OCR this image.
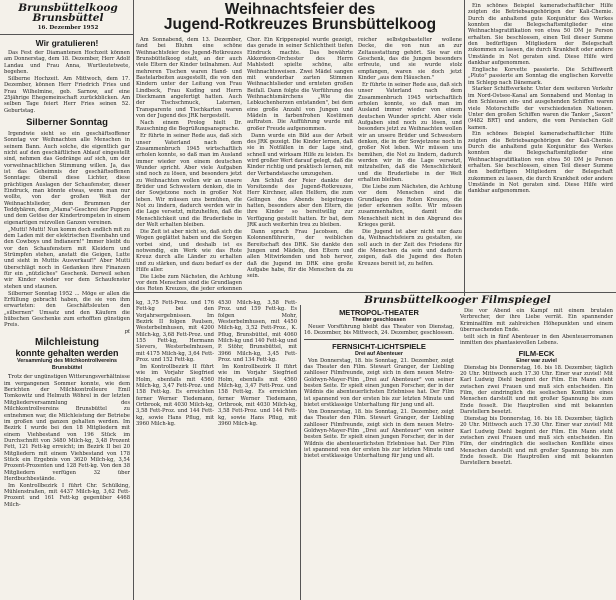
Brunsbüttelkoog
Brunsbüttel
16. Dezember 1952
Wir gratulieren!

Das Fest der Diamantenen Hochzeit können am Donnerstag, dem 18. Dezember, Herr Adolf Landau und Frau Anna, Wurtleutetwete, begehen.

Silberne Hochzeit. Am Mittwoch, dem 17. Dezember, können Herr Friedrich Fries und Frau Wilhelmine, geb. Sarnow, auf eine 25jährige Ehegemeinschaft zurückblicken. Am selben Tage feiert Herr Fries seinen 52. Geburtstag.

Silberner Sonntag

Irgendwie sieht so ein geschäftsoffener Sonntag vor Weihnachten alle Menschen in seinem Bann. Auch solche, die eigentlich gar nicht auf den geschäftlichen Ablauf eingestellt sind, nehmen das Gedränge auf sich, um der vorweihnachtlichen Stimmung willen. Ja, das ist das Geheimnis der geschäftsoffenen Sonntage: überall diese Lichter, diese prächtigen Auslagen der Schaufenster, dieser Eindruck, man könnte etwas, wenn man nur wollte, von der großen Welt der Weihnachtslieder, dem Brummen der Teddybären, dem „Mama"-Geschrei der Puppen und dem Getöse der Kindertrompeten in einem eigenartigen reizvollen Ganzen vereinen.

„Mutti! Mutti! Nun komm doch endlich mit zu dem Laden mit der elektrischen Eisenbahn und den Cowboys und Indianern!" Immer bleibt du vor den Schaufenstern mit Kleidern und Strümpfen stehen, anstatt die Geigen, Lutte und sieht in Muttis Ausverkauf!" Aber Mutti überschlägt noch in Gedanken ihre Finanzen für ein „nützliches" Geschenk. Derweil sehen wir Kinder wieder vor dem Schaufenster stehen und staunen.

Silberner Sonntag 1952 ... Möge er allen die Erfüllung gebracht haben, die sie von ihm erwarteten: den Geschäftsleuten den „silbernen" Umsatz und den Käufern die hübschen Geschenke zum erhofften günstigen Preis.

pt
Milchleistung
konnte gehalten werden
Versammlung des Milchkontrollvereins Brunsbüttel

Trotz der ungünstigen Witterungsverhältnisse im vergangenen Sommer konnte, wie dem Berichten der Milchkontrolleure Emil Tomkowitz und Helmuth Wöhrel in der letzten Mitgliederversammlung des Milchkontrollvereins Brunsbüttel zu entnehmen war, die Milchleistung der Betriebe im großen und ganzen gehalten werden. Im Bezirk I wurde bei den 18 Mitgliedern mit einem Viehbestand von 196 Stück im Durchschnitt von 3480 Milch-kg, 3,48 Prozent Fett, 121 Fett-kg erreicht; im Bezirk II bei 20 Mitgliedern mit einem Viehbestand von 178 Stück ein Ergebnis von 3620 Milch-kg, 3,54 Prozent-Prozenten und 128 Fett-kg. Von den 38 Mitgliedern verfügen 32 über Herdbuchbestände.

Im Kontrollbezirk I führt Chr. Schülking, Mühlenstraßen, mit 4437 Milch-kg, 3,62 Fett-Prozent und 161 Fett-kg gegenüber 4468 Milch-

Weihnachtsfeier des
Jugend-Rotkreuzes Brunsbüttelkoog

Am Sonnabend, dem 13. Dezember, fand bei Bluhm eine schöne Weihnachtsfeier des Jugend-Rotkreuzes Brunsbüttelkoog statt, an der auch viele Eltern der Kinder teilnahmen. Auf mehreren Tischen waren Hand- und Bastelarbeiten ausgestellt, die von den Kindern unter der Leitung von Frau Lindbeck, Frau Kuding und Herrn Dieckmann angefertigt hatten. Auch der Tischschmuck, Laternen, Transparente und Tischkarten waren von der Jugend des JRK hergestellt.

Nach einem Prolog hielt Dr. Rauschning die Begrüßungsansprache.

Er führte in seiner Rede aus, daß sich unser Vaterland nach dem Zusammenbruch 1945 wirtschaftlich erholen konnte, so daß man im Ausland immer wieder von einem deutschen Wunder spricht. Aber viele Aufgaben sind noch zu lösen, und besonders jetzt zu Weihnachten wollen wir an unsere Brüder und Schwestern denken, die in der Sowjetzone noch in großer Not leben. Wir müssen uns bemühen, die Not zu lindern, dadurch werden wir in die Lage versetzt, mitzuhelfen, daß die Menschlichkeit und die Bruderliebe in der Welt erhalten bleiben.

Die Zeit ist aber nicht so, daß sich die Wogen geglättet haben und die Sorgen vorbei sind, und deshalb ist es notwendig, ein Werk wie das Rote Kreuz durch alle Länder zu erhalten und zu stärken, und dazu bedarf es der Hilfe aller.

Die Liebe zum Nächsten, die Achtung vor dem Menschen sind die Grundlagen des Roten Kreuzes, die jeder erkennen

Chor. Ein Krippenspiel wurde gezeigt, das gerade in seiner Schlichtheit tiefen Eindruck machte. Das bewährte Akkordeon-Orchester des Herrn Mahlstedt spielte schöne, alte Weihnachtsweisen. Zwei Mädel sangen mit wunderbar zarten Stimmen Weihnachtslieder und ernteten großen Beifall. Dann folgte die Vorführung des Weihnachtsmärchens „Wie die Lebkuchenherzen entstanden", bei dem eine große Anzahl von Jungen und Mädeln in farbenfrohen Kostümen auftraten. Die Aufführung wurde mit großer Freude aufgenommen.

Dann wurde ein Bild aus der Arbeit des JRK gezeigt. Die Kinder lernen, daß sie in Notfällen in der Lage sind, schnell und wirksam Hilfe zu leisten. Es wird großer Wert darauf gelegt, daß die Kinder richtig und praktisch lernen, mit der Verbandstasche umzugehen.

Am Schluß der Feier dankte der Vorsitzende des Jugend-Rotkreuzes, Herr Kirchner, allen Helfern, die zum Gelingen des Abends beigetragen hatten, besonders aber den Eltern, die ihre Kinder so bereitwillig zur Verfügung gestellt hatten. Er bat, dem JRK auch weiterhin treu zu bleiben.

Dann sprach Frau Jacobsen, die Kolonnenführerin, der weiblichen Bereitschaft des DRK. Sie dankte den Jungen und Mädeln, den Eltern und allen Mitwirkenden und hob hervor, daß die Jugend im DRK eine große Aufgabe habe, für die Menschen da zu sein.

reicher selbstgebastelter wollene Decke, die von nun an zur Zeltausstattung gehört. Sie war ein Geschenk, das die Jungen besonders erfreute, und sie wurde stolz empfangen, waren sie doch jetzt Kinder „aus dem Häuschen."

Er führte in seiner Rede aus, daß sich unser Vaterland nach dem Zusammenbruch 1945 wirtschaftlich erholen konnte, so daß man im Ausland immer wieder von einem deutschen Wunder spricht. Aber viele Aufgaben sind noch zu lösen, und besonders jetzt zu Weihnachten wollen wir an unsere Brüder und Schwestern denken, die in der Sowjetzone noch in großer Not leben. Wir müssen uns bemühen, die Not zu lindern, dadurch werden wir in die Lage versetzt, mitzuhelfen, daß die Menschlichkeit und die Bruderliebe in der Welt erhalten bleiben.

Die Liebe zum Nächsten, die Achtung vor dem Menschen sind die Grundlagen des Roten Kreuzes, die jeder erkennen sollte. Wir müssen zusammenhalten, damit die Menschheit nicht in den Abgrund des Krieges gerät.

Die Jugend ist aber nicht nur dazu da, Weihnachtsfeiern zu gestalten, sie soll auch in der Zeit des Friedens für die Menschen da sein und dadurch zeigen, daß die Jugend des Roten Kreuzes bereit ist, zu helfen.

Ein schönes Beispiel kameradschaftlicher Hilfe zeigten die Betriebsangehörigen der Kali-Chemie. Durch die anhaltend gute Konjunktur des Werkes konnten die Belegschaftsmitglieder eine Weihnachtsgratifikation von etwa 50 DM je Person erhalten. Sie beschlossen, einen Teil dieser Summe den bedürftigen Mitgliedern der Belegschaft zukommen zu lassen, die durch Krankheit oder andere Umstände in Not geraten sind. Diese Hilfe wird dankbar aufgenommen.

Englische Korvette passierte. Die Schiffswerft „Pluto" passierte am Sonntag die englischen Korvette im Schlepp nach Dänemark.

Starker Schiffsverkehr. Unter dem weiteren Verkehr im Nord-Ostsee-Kanal am Sonnabend und Montag in den Schleusen ein- und ausgehenden Schiffen waren viele Motorschiffe der verschiedensten Nationen. Unter den großen Schiffen waren die Tanker „Saxon" (9482 BRT) und andere, die vom Persischen Golf kamen.

Ein schönes Beispiel kameradschaftlicher Hilfe zeigten die Betriebsangehörigen der Kali-Chemie. Durch die anhaltend gute Konjunktur des Werkes konnten die Belegschaftsmitglieder eine Weihnachtsgratifikation von etwa 50 DM je Person erhalten. Sie beschlossen, einen Teil dieser Summe den bedürftigen Mitgliedern der Belegschaft zukommen zu lassen, die durch Krankheit oder andere Umstände in Not geraten sind. Diese Hilfe wird dankbar aufgenommen.

kg, 3,75 Fett-Proz. und 176 Fett-kg bei den Vorjahrsergebnissen. Im Bezirk II folgen Paulsen, Westerbelmhusen, mit 4200 Milch-kg, 3,68 Fett-Proz. und 155 Fett-kg, Hermann Sievers, Westerbelmhusen, mit 4175 Milch-kg, 3,64 Fett-Proz. und 152 Fett-kg.

Im Kontrollbezirk II führt wie im Vorjahr Siegfried Holm, ebenfalls mit 4560 Milch-kg, 3,47 Fett-Proz. und 158 Fett-kg. Es erreichten ferner Werner Tiedemann, Ortbrook, mit 4030 Milch-kg, 3,58 Fett-Proz. und 144 Fett-kg, sowie Hans Pflug, mit 3960 Milch-kg.

4530 Milch-kg, 3,58 Fett-Proz. und 159 Fett-kg. Es folgen Mohr, Westerbelmhusen, mit 4450 Milch-kg, 3,52 Fett-Proz., K. Pflug, Brunsbüttel, mit 4060 Milch-kg und 140 Fett-kg und P. Stöhr, Brunsbüttel, mit 3966 Milch-kg, 3,45 Fett-Proz. und 134 Fett-kg.

Im Kontrollbezirk II führt wie im Vorjahr Siegfried Holm, ebenfalls mit 4560 Milch-kg, 3,47 Fett-Proz. und 158 Fett-kg. Es erreichten ferner Werner Tiedemann, Ortbrook, mit 4030 Milch-kg, 3,58 Fett-Proz. und 144 Fett-kg, sowie Hans Pflug, mit 3960 Milch-kg.

Brunsbüttelkooger Filmspiegel
METROPOL-THEATER
Theater geschlossen

Neuer Vorsführung bleibt das Theater von Dienstag, 16. Dezember, bis Mittwoch, 24. Dezember, geschlossen.

FERNSICHT-LICHTSPIELE
Drei auf Abenteuer

Von Donnerstag, 18. bis Sonntag, 21. Dezember, zeigt das Theater den Film. Stewart Granger, der Liebling zahlloser Filmfreunde, zeigt sich in dem neuen Metro-Goldwyn-Mayer-Film „Drei auf Abenteuer" von seiner besten Seite. Er spielt einen jungen Forscher, der in der Wildnis die abenteuerlichsten Erlebnisse hat. Der Film ist spannend von der ersten bis zur letzten Minute und bietet erstklassige Unterhaltung für jung und alt.

Von Donnerstag, 18. bis Sonntag, 21. Dezember, zeigt das Theater den Film. Stewart Granger, der Liebling zahlloser Filmfreunde, zeigt sich in dem neuen Metro-Goldwyn-Mayer-Film „Drei auf Abenteuer" von seiner besten Seite. Er spielt einen jungen Forscher, der in der Wildnis die abenteuerlichsten Erlebnisse hat. Der Film ist spannend von der ersten bis zur letzten Minute und bietet erstklassige Unterhaltung für jung und alt.

Die vor Abend ein Kampf mit einem brutalen Verbrecher, der ihre Liebe verrät. Ein spannender Kriminalfilm mit zahlreichen Höhepunkten und einem überraschenden Ende.

teilt sich in fünf Abenteuer in den Abenteuerromanen inmitten des phantasievollen Lebens.

FILM-ECK
Einer war zuviel

Dienstag bis Donnerstag, 16. bis 18. Dezember, täglich 20 Uhr. Mittwoch auch 17.30 Uhr. Einer war zuviel! Mit Karl Ludwig Diehl beginnt der Film. Ein Mann steht zwischen zwei Frauen und muß sich entscheiden. Ein Film, der eindringlich die seelischen Konflikte eines Menschen darstellt und mit großer Spannung bis zum Ende fesselt. Die Hauptrollen sind mit bekannten Darstellern besetzt.

Dienstag bis Donnerstag, 16. bis 18. Dezember, täglich 20 Uhr. Mittwoch auch 17.30 Uhr. Einer war zuviel! Mit Karl Ludwig Diehl beginnt der Film. Ein Mann steht zwischen zwei Frauen und muß sich entscheiden. Ein Film, der eindringlich die seelischen Konflikte eines Menschen darstellt und mit großer Spannung bis zum Ende fesselt. Die Hauptrollen sind mit bekannten Darstellern besetzt.
